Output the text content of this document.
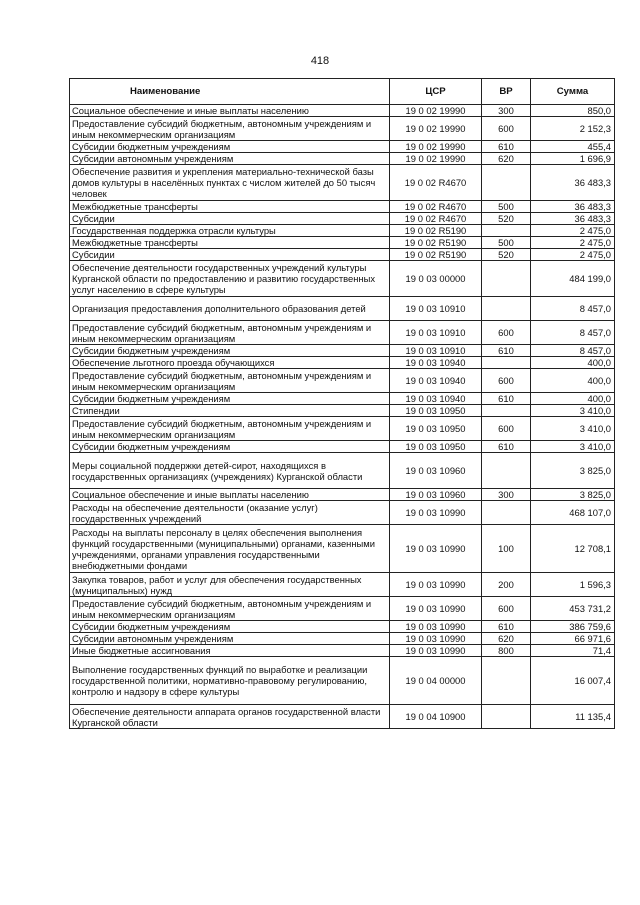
418
Наименование	ЦСР	ВР	Сумма
Социальное обеспечение и иные выплаты населению	19 0 02 19990	300	850,0
Предоставление субсидий бюджетным, автономным учреждениям и иным некоммерческим организациям	19 0 02 19990	600	2 152,3
Субсидии бюджетным учреждениям	19 0 02 19990	610	455,4
Субсидии автономным учреждениям	19 0 02 19990	620	1 696,9
Обеспечение развития и укрепления материально-технической базы домов культуры в населённых пунктах с числом жителей до 50 тысяч человек	19 0 02 R4670		36 483,3
Межбюджетные трансферты	19 0 02 R4670	500	36 483,3
Субсидии	19 0 02 R4670	520	36 483,3
Государственная поддержка отрасли культуры	19 0 02 R5190		2 475,0
Межбюджетные трансферты	19 0 02 R5190	500	2 475,0
Субсидии	19 0 02 R5190	520	2 475,0
Обеспечение деятельности государственных учреждений культуры Курганской области по предоставлению и развитию государственных услуг населению в сфере культуры	19 0 03 00000		484 199,0
Организация предоставления дополнительного образования детей	19 0 03 10910		8 457,0
Предоставление субсидий бюджетным, автономным учреждениям и иным некоммерческим организациям	19 0 03 10910	600	8 457,0
Субсидии бюджетным учреждениям	19 0 03 10910	610	8 457,0
Обеспечение льготного проезда обучающихся	19 0 03 10940		400,0
Предоставление субсидий бюджетным, автономным учреждениям и иным некоммерческим организациям	19 0 03 10940	600	400,0
Субсидии бюджетным учреждениям	19 0 03 10940	610	400,0
Стипендии	19 0 03 10950		3 410,0
Предоставление субсидий бюджетным, автономным учреждениям и иным некоммерческим организациям	19 0 03 10950	600	3 410,0
Субсидии бюджетным учреждениям	19 0 03 10950	610	3 410,0
Меры социальной поддержки детей-сирот, находящихся в государственных организациях (учреждениях) Курганской области	19 0 03 10960		3 825,0
Социальное обеспечение и иные выплаты населению	19 0 03 10960	300	3 825,0
Расходы на обеспечение деятельности (оказание услуг) государственных учреждений	19 0 03 10990		468 107,0
Расходы на выплаты персоналу в целях обеспечения выполнения функций государственными (муниципальными) органами, казенными учреждениями, органами управления государственными внебюджетными фондами	19 0 03 10990	100	12 708,1
Закупка товаров, работ и услуг для обеспечения государственных (муниципальных) нужд	19 0 03 10990	200	1 596,3
Предоставление субсидий бюджетным, автономным учреждениям и иным некоммерческим организациям	19 0 03 10990	600	453 731,2
Субсидии бюджетным учреждениям	19 0 03 10990	610	386 759,6
Субсидии автономным учреждениям	19 0 03 10990	620	66 971,6
Иные бюджетные ассигнования	19 0 03 10990	800	71,4
Выполнение государственных функций по выработке и реализации государственной политики, нормативно-правовому регулированию, контролю и надзору в сфере культуры	19 0 04 00000		16 007,4
Обеспечение деятельности аппарата органов государственной власти Курганской области	19 0 04 10900		11 135,4
